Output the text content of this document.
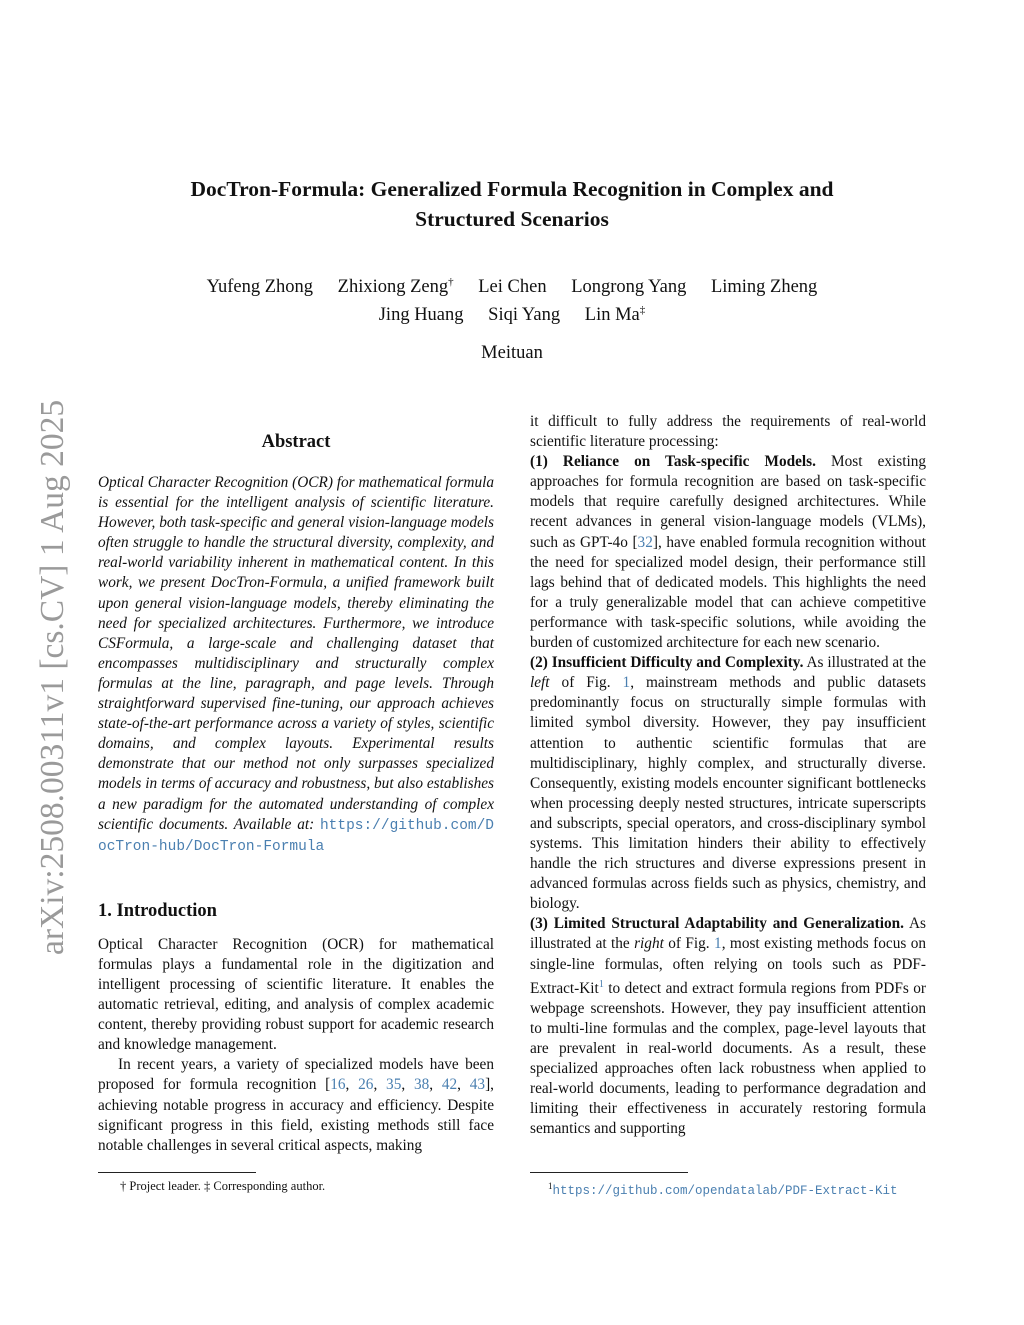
arXiv:2508.00311v1 [cs.CV] 1 Aug 2025
DocTron-Formula: Generalized Formula Recognition in Complex and
Structured Scenarios
Yufeng Zhong Zhixiong Zeng† Lei Chen Longrong Yang Liming Zheng
Jing Huang Siqi Yang Lin Ma‡
Meituan
Abstract

Optical Character Recognition (OCR) for mathematical formula is essential for the intelligent analysis of scientific literature. However, both task-specific and general vision-language models often struggle to handle the structural diversity, complexity, and real-world variability inherent in mathematical content. In this work, we present DocTron-Formula, a unified framework built upon general vision-language models, thereby eliminating the need for specialized architectures. Furthermore, we introduce CSFormula, a large-scale and challenging dataset that encompasses multidisciplinary and structurally complex formulas at the line, paragraph, and page levels. Through straightforward supervised fine-tuning, our approach achieves state-of-the-art performance across a variety of styles, scientific domains, and complex layouts. Experimental results demonstrate that our method not only surpasses specialized models in terms of accuracy and robustness, but also establishes a new paradigm for the automated understanding of complex scientific documents. Available at: https://github.com/DocTron-hub/DocTron-Formula

1. Introduction

Optical Character Recognition (OCR) for mathematical formulas plays a fundamental role in the digitization and intelligent processing of scientific literature. It enables the automatic retrieval, editing, and analysis of complex academic content, thereby providing robust support for academic research and knowledge management.

In recent years, a variety of specialized models have been proposed for formula recognition [16, 26, 35, 38, 42, 43], achieving notable progress in accuracy and efficiency. Despite significant progress in this field, existing methods still face notable challenges in several critical aspects, making

it difficult to fully address the requirements of real-world scientific literature processing:

(1) Reliance on Task-specific Models. Most existing approaches for formula recognition are based on task-specific models that require carefully designed architectures. While recent advances in general vision-language models (VLMs), such as GPT-4o [32], have enabled formula recognition without the need for specialized model design, their performance still lags behind that of dedicated models. This highlights the need for a truly generalizable model that can achieve competitive performance with task-specific solutions, while avoiding the burden of customized architecture for each new scenario.

(2) Insufficient Difficulty and Complexity. As illustrated at the left of Fig. 1, mainstream methods and public datasets predominantly focus on structurally simple formulas with limited symbol diversity. However, they pay insufficient attention to authentic scientific formulas that are multidisciplinary, highly complex, and structurally diverse. Consequently, existing models encounter significant bottlenecks when processing deeply nested structures, intricate superscripts and subscripts, special operators, and cross-disciplinary symbol systems. This limitation hinders their ability to effectively handle the rich structures and diverse expressions present in advanced formulas across fields such as physics, chemistry, and biology.

(3) Limited Structural Adaptability and Generalization. As illustrated at the right of Fig. 1, most existing methods focus on single-line formulas, often relying on tools such as PDF-Extract-Kit$^1$ to detect and extract formula regions from PDFs or webpage screenshots. However, they pay insufficient attention to multi-line formulas and the complex, page-level layouts that are prevalent in real-world documents. As a result, these specialized approaches often lack robustness when applied to real-world documents, leading to performance degradation and limiting their effectiveness in accurately restoring formula semantics and supporting

† Project leader. ‡ Corresponding author.	$^1$https://github.com/opendatalab/PDF-Extract-Kit
